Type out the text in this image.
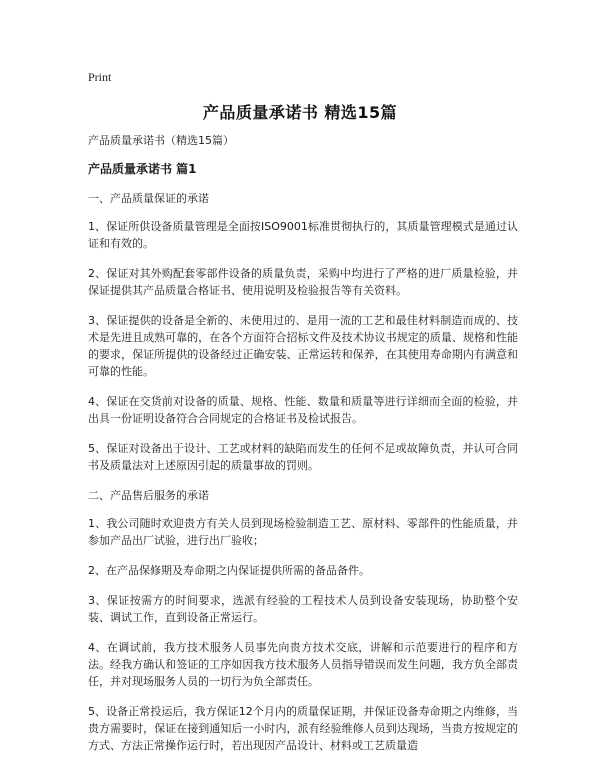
Print
产品质量承诺书 精选15篇

产品质量承诺书（精选15篇）

产品质量承诺书 篇1

一、产品质量保证的承诺

1、保证所供设备质量管理是全面按ISO9001标准贯彻执行的，其质量管理模式是通过认证和有效的。

2、保证对其外购配套零部件设备的质量负责，采购中均进行了严格的进厂质量检验，并保证提供其产品质量合格证书、使用说明及检验报告等有关资料。

3、保证提供的设备是全新的、未使用过的、是用一流的工艺和最佳材料制造而成的、技术是先进且成熟可靠的，在各个方面符合招标文件及技术协议书规定的质量、规格和性能的要求，保证所提供的设备经过正确安装、正常运转和保养，在其使用寿命期内有满意和可靠的性能。

4、保证在交货前对设备的质量、规格、性能、数量和质量等进行详细而全面的检验，并出具一份证明设备符合合同规定的合格证书及检试报告。

5、保证对设备出于设计、工艺或材料的缺陷而发生的任何不足或故障负责，并认可合同书及质量法对上述原因引起的质量事故的罚则。

二、产品售后服务的承诺

1、我公司随时欢迎贵方有关人员到现场检验制造工艺、原材料、零部件的性能质量，并参加产品出厂试验，进行出厂验收；

2、在产品保修期及寿命期之内保证提供所需的备品备件。

3、保证按需方的时间要求，选派有经验的工程技术人员到设备安装现场，协助整个安装、调试工作，直到设备正常运行。

4、在调试前，我方技术服务人员事先向贵方技术交底，讲解和示范要进行的程序和方法。经我方确认和签证的工序如因我方技术服务人员指导错误而发生问题，我方负全部责任，并对现场服务人员的一切行为负全部责任。

5、设备正常投运后，我方保证12个月内的质量保证期，并保证设备寿命期之内维修，当贵方需要时，保证在接到通知后一小时内，派有经验维修人员到达现场，当贵方按规定的方式、方法正常操作运行时，若出现因产品设计、材料或工艺质量造
